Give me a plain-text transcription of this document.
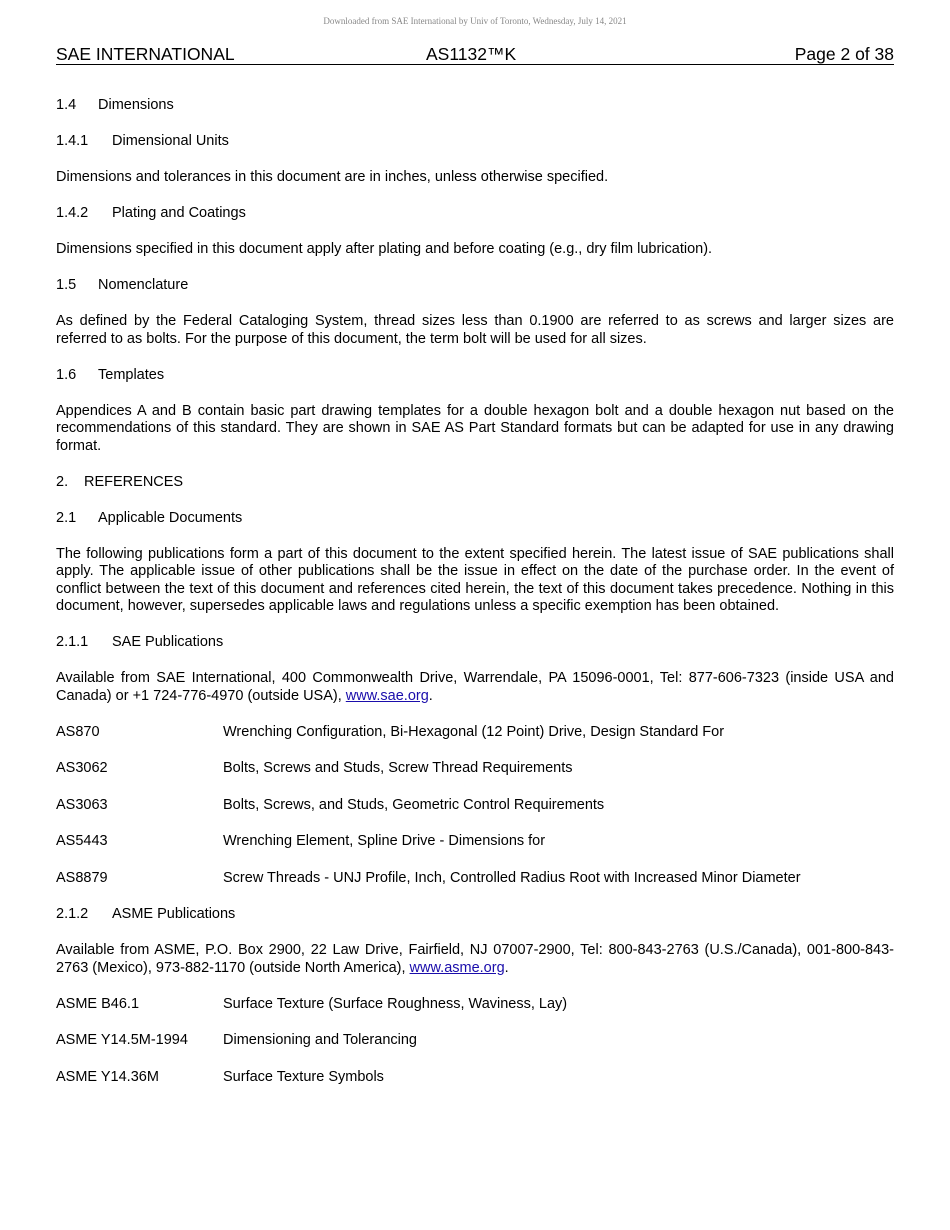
Downloaded from SAE International by Univ of Toronto, Wednesday, July 14, 2021
SAE INTERNATIONAL	AS1132™K	Page 2 of 38
1.4 Dimensions
1.4.1 Dimensional Units

Dimensions and tolerances in this document are in inches, unless otherwise specified.

1.4.2 Plating and Coatings

Dimensions specified in this document apply after plating and before coating (e.g., dry film lubrication).

1.5 Nomenclature

As defined by the Federal Cataloging System, thread sizes less than 0.1900 are referred to as screws and larger sizes are referred to as bolts. For the purpose of this document, the term bolt will be used for all sizes.

1.6 Templates

Appendices A and B contain basic part drawing templates for a double hexagon bolt and a double hexagon nut based on the recommendations of this standard. They are shown in SAE AS Part Standard formats but can be adapted for use in any drawing format.

2. REFERENCES
2.1 Applicable Documents

The following publications form a part of this document to the extent specified herein. The latest issue of SAE publications shall apply. The applicable issue of other publications shall be the issue in effect on the date of the purchase order. In the event of conflict between the text of this document and references cited herein, the text of this document takes precedence. Nothing in this document, however, supersedes applicable laws and regulations unless a specific exemption has been obtained.

2.1.1 SAE Publications

Available from SAE International, 400 Commonwealth Drive, Warrendale, PA 15096-0001, Tel: 877-606-7323 (inside USA and Canada) or +1 724-776-4970 (outside USA), www.sae.org.

AS870	Wrenching Configuration, Bi-Hexagonal (12 Point) Drive, Design Standard For
AS3062	Bolts, Screws and Studs, Screw Thread Requirements
AS3063	Bolts, Screws, and Studs, Geometric Control Requirements
AS5443	Wrenching Element, Spline Drive - Dimensions for
AS8879	Screw Threads - UNJ Profile, Inch, Controlled Radius Root with Increased Minor Diameter
2.1.2 ASME Publications

Available from ASME, P.O. Box 2900, 22 Law Drive, Fairfield, NJ 07007-2900, Tel: 800-843-2763 (U.S./Canada), 001-800-843-2763 (Mexico), 973-882-1170 (outside North America), www.asme.org.

ASME B46.1	Surface Texture (Surface Roughness, Waviness, Lay)
ASME Y14.5M-1994	Dimensioning and Tolerancing
ASME Y14.36M	Surface Texture Symbols
